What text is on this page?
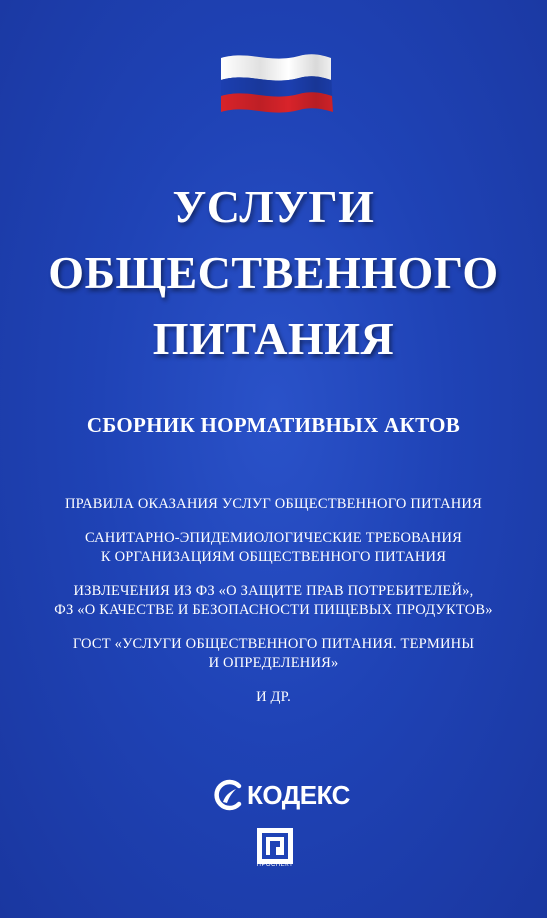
УСЛУГИ
ОБЩЕСТВЕННОГО
ПИТАНИЯ
СБОРНИК НОРМАТИВНЫХ АКТОВ
ПРАВИЛА ОКАЗАНИЯ УСЛУГ ОБЩЕСТВЕННОГО ПИТАНИЯ
САНИТАРНО-ЭПИДЕМИОЛОГИЧЕСКИЕ ТРЕБОВАНИЯ
К ОРГАНИЗАЦИЯМ ОБЩЕСТВЕННОГО ПИТАНИЯ
ИЗВЛЕЧЕНИЯ ИЗ ФЗ «О ЗАЩИТЕ ПРАВ ПОТРЕБИТЕЛЕЙ»,
ФЗ «О КАЧЕСТВЕ И БЕЗОПАСНОСТИ ПИЩЕВЫХ ПРОДУКТОВ»
ГОСТ «УСЛУГИ ОБЩЕСТВЕННОГО ПИТАНИЯ. ТЕРМИНЫ
И ОПРЕДЕЛЕНИЯ»
И ДР.
КОДЕКС
ПРОСПЕКТ
